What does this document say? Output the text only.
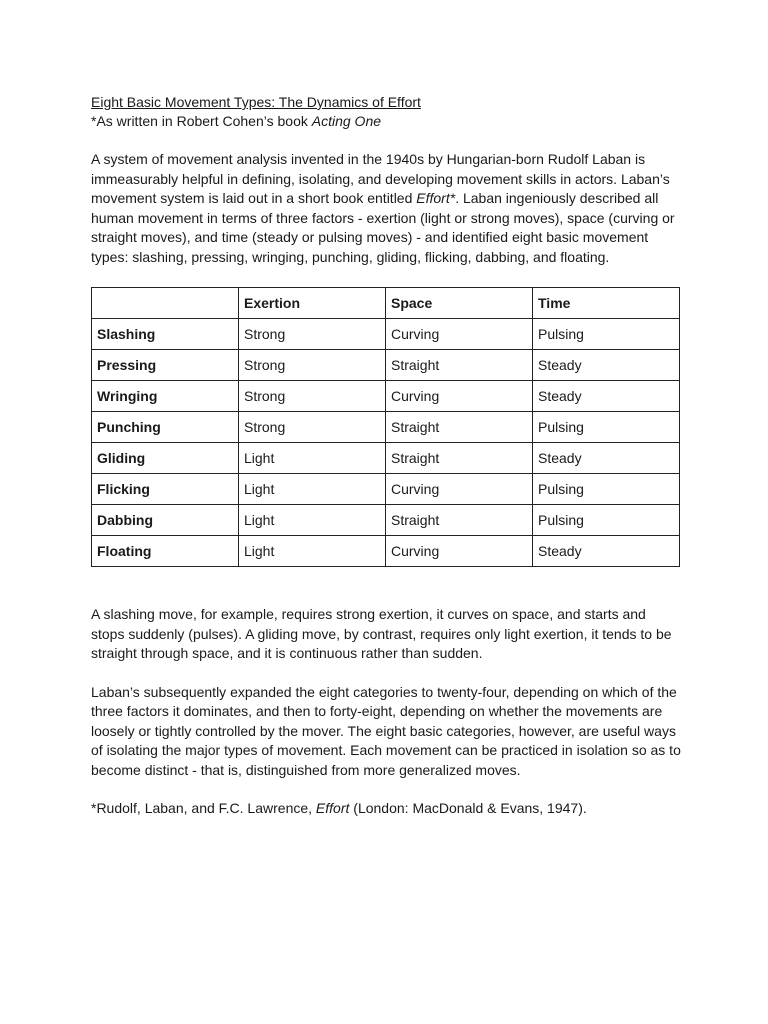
Eight Basic Movement Types: The Dynamics of Effort

*As written in Robert Cohen’s book Acting One

A system of movement analysis invented in the 1940s by Hungarian-born Rudolf Laban is immeasurably helpful in defining, isolating, and developing movement skills in actors. Laban’s movement system is laid out in a short book entitled Effort*. Laban ingeniously described all human movement in terms of three factors - exertion (light or strong moves), space (curving or straight moves), and time (steady or pulsing moves) - and identified eight basic movement types: slashing, pressing, wringing, punching, gliding, flicking, dabbing, and floating.

	Exertion	Space	Time
Slashing	Strong	Curving	Pulsing
Pressing	Strong	Straight	Steady
Wringing	Strong	Curving	Steady
Punching	Strong	Straight	Pulsing
Gliding	Light	Straight	Steady
Flicking	Light	Curving	Pulsing
Dabbing	Light	Straight	Pulsing
Floating	Light	Curving	Steady

A slashing move, for example, requires strong exertion, it curves on space, and starts and stops suddenly (pulses). A gliding move, by contrast, requires only light exertion, it tends to be straight through space, and it is continuous rather than sudden.

Laban’s subsequently expanded the eight categories to twenty-four, depending on which of the three factors it dominates, and then to forty-eight, depending on whether the movements are loosely or tightly controlled by the mover. The eight basic categories, however, are useful ways of isolating the major types of movement. Each movement can be practiced in isolation so as to become distinct - that is, distinguished from more generalized moves.

*Rudolf, Laban, and F.C. Lawrence, Effort (London: MacDonald & Evans, 1947).
